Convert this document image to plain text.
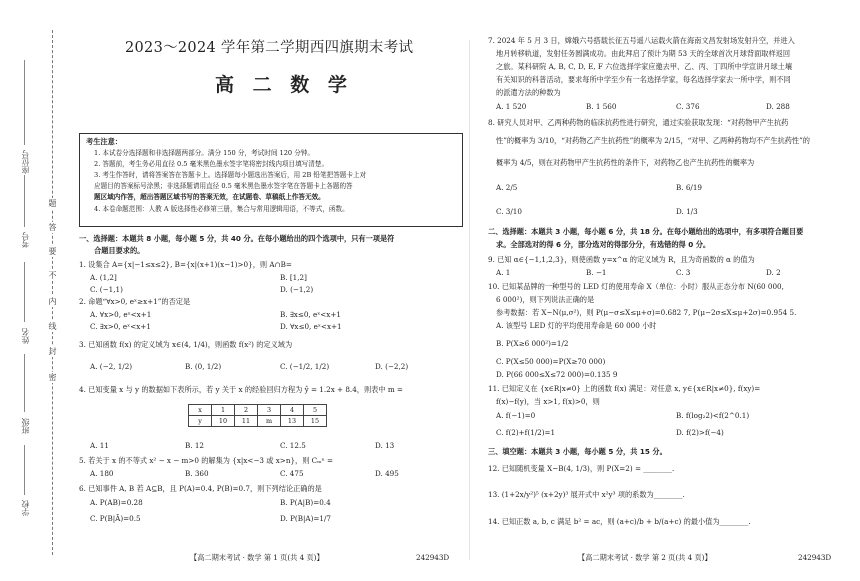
座位号
考号
姓名
班级
学校
题
答
要
不
内
线
封
密
2023～2024 学年第二学期西四旗期末考试
高 二 数 学
考生注意：
1. 本试卷分选择题和非选择题两部分。满分 150 分，考试时间 120 分钟。
2. 答题前，考生务必用直径 0.5 毫米黑色墨水签字笔将密封线内项目填写清楚。
3. 考生作答时，请将答案答在答题卡上。选择题每小题选出答案后，用 2B 铅笔把答题卡上对
应题目的答案标号涂黑；非选择题请用直径 0.5 毫米黑色墨水签字笔在答题卡上各题的答
题区域内作答，超出答题区域书写的答案无效，在试题卷、草稿纸上作答无效。
4. 本卷命题范围：人教 A 版选择性必修第三册，集合与常用逻辑用语，不等式，函数。
一、选择题：本题共 8 小题，每小题 5 分，共 40 分。在每小题给出的四个选项中，只有一项是符
合题目要求的。
1. 设集合 A={x|−1≤x≤2}, B={x|(x+1)(x−1)>0}，则 A∩B=
A. (1,2]	B. [1,2]
C. (−1,1)	D. (−1,2)
2. 命题“∀x>0, eˣ≥x+1”的否定是
A. ∀x>0, eˣ<x+1	B. ∃x≤0, eˣ<x+1
C. ∃x>0, eˣ<x+1	D. ∀x≤0, eˣ<x+1
3. 已知函数 f(x) 的定义域为 x∈(4, 1/4)，则函数 f(x²) 的定义域为
A. (−2, 1/2)	B. (0, 1/2)	C. (−1/2, 1/2)	D. (−2,2)
4. 已知变量 x 与 y 的数据如下表所示，若 y 关于 x 的经验回归方程为 ŷ = 1.2x + 8.4，则表中 m =
x	1	2	3	4	5
y	10	11	m	13	15
A. 11	B. 12	C. 12.5	D. 13
5. 若关于 x 的不等式 x² − x − m>0 的解集为 {x|x<−3 或 x>n}，则 Cₘⁿ =
A. 180	B. 360	C. 475	D. 495
6. 已知事件 A, B 若 A⊆B，且 P(A)=0.4, P(B)=0.7，则下列结论正确的是
A. P(AB)=0.28	B. P(A|B)=0.4
C. P(B|Ā)=0.5	D. P(B|A)=1/7
【高二期末考试 · 数学 第 1 页(共 4 页)】	242943D
7. 2024 年 5 月 3 日，嫦娥六号搭载长征五号遥八运载火箭在海南文昌发射场发射升空，并进入
地月转移轨道，发射任务圆满成功。由此拜启了预计为期 53 天的全球首次月球背面取样返回
之旅。某科研院 A, B, C, D, E, F 六位选择学家应邀去甲、乙、丙、丁四所中学宣讲月球土壤
有关知识的科普活动，要求每所中学至少有一名选择学家，每名选择学家去一所中学，则不同
的派遣方法的种数为
A. 1 520	B. 1 560	C. 376	D. 288
8. 研究人员对甲、乙两种药物的临床抗药性进行研究，通过实验获取发现：“对药物甲产生抗药
性”的概率为 3/10，“对药物乙产生抗药性”的概率为 2/15，“对甲、乙两种药物均不产生抗药性”的
概率为 4/5，则在对药物甲产生抗药性的条件下，对药物乙也产生抗药性的概率为
A. 2/5	B. 6/19
C. 3/10	D. 1/3
二、选择题：本题共 3 小题，每小题 6 分，共 18 分。在每小题给出的选项中，有多项符合题目要
求。全部选对的得 6 分，部分选对的得部分分，有选错的得 0 分。
9. 已知 α∈{−1,1,2,3}，则使函数 y=x^α 的定义域为 R，且为奇函数的 α 的值为
A. 1	B. −1	C. 3	D. 2
10. 已知某品牌的一种型号的 LED 灯的使用寿命 X（单位：小时）服从正态分布 N(60 000,
6 000²)，则下列说法正确的是
参考数据：若 X~N(μ,σ²)，则 P(μ−σ≤X≤μ+σ)=0.682 7, P(μ−2σ≤X≤μ+2σ)=0.954 5.
A. 该型号 LED 灯的平均使用寿命是 60 000 小时
B. P(X≥6 000²)=1/2
C. P(X≤50 000)=P(X≥70 000)
D. P(66 000≤X≤72 000)=0.135 9
11. 已知定义在 {x∈R|x≠0} 上的函数 f(x) 满足：对任意 x, y∈{x∈R|x≠0}, f(xy)=
f(x)−f(y)，当 x>1, f(x)>0，则
A. f(−1)=0	B. f(log₂2)<f(2^0.1)
C. f(2)+f(1/2)=1	D. f(2)>f(−4)
三、填空题：本题共 3 小题，每小题 5 分，共 15 分。
12. 已知随机变量 X~B(4, 1/3)，则 P(X=2) = ________.
13. (1+2x/y²)⁵ (x+2y)³ 展开式中 x²y³ 项的系数为________.
14. 已知正数 a, b, c 满足 b² = ac，则 (a+c)/b + b/(a+c) 的最小值为________.
【高二期末考试 · 数学 第 2 页(共 4 页)】	242943D
